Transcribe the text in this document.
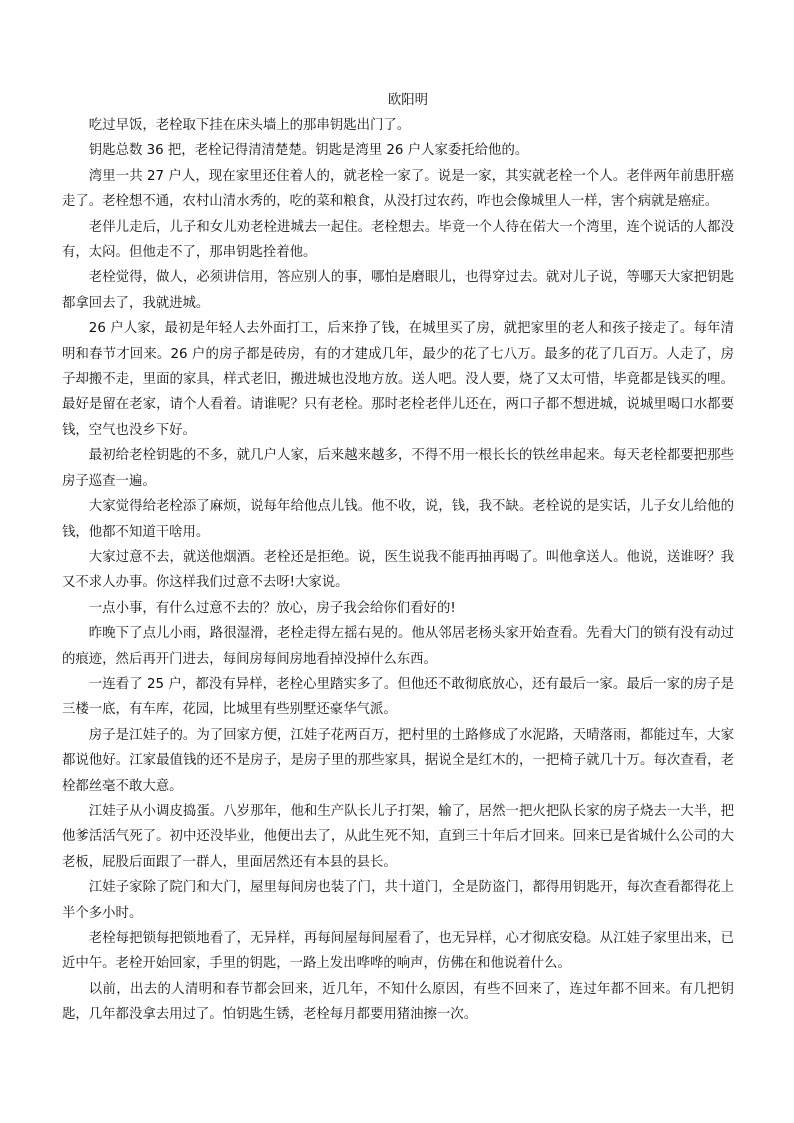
欧阳明

吃过早饭，老栓取下挂在床头墙上的那串钥匙出门了。

钥匙总数 36 把，老栓记得清清楚楚。钥匙是湾里 26 户人家委托给他的。

湾里一共 27 户人，现在家里还住着人的，就老栓一家了。说是一家，其实就老栓一个人。老伴两年前患肝癌走了。老栓想不通，农村山清水秀的，吃的菜和粮食，从没打过农药，咋也会像城里人一样，害个病就是癌症。

老伴儿走后，儿子和女儿劝老栓进城去一起住。老栓想去。毕竟一个人待在偌大一个湾里，连个说话的人都没有，太闷。但他走不了，那串钥匙拴着他。

老栓觉得，做人，必须讲信用，答应别人的事，哪怕是磨眼儿，也得穿过去。就对儿子说，等哪天大家把钥匙都拿回去了，我就进城。

26 户人家，最初是年轻人去外面打工，后来挣了钱，在城里买了房，就把家里的老人和孩子接走了。每年清明和春节才回来。26 户的房子都是砖房，有的才建成几年，最少的花了七八万。最多的花了几百万。人走了，房子却搬不走，里面的家具，样式老旧，搬进城也没地方放。送人吧。没人要，烧了又太可惜，毕竟都是钱买的哩。最好是留在老家，请个人看着。请谁呢？只有老栓。那时老栓老伴儿还在，两口子都不想进城，说城里喝口水都要钱，空气也没乡下好。

最初给老栓钥匙的不多，就几户人家，后来越来越多，不得不用一根长长的铁丝串起来。每天老栓都要把那些房子巡查一遍。

大家觉得给老栓添了麻烦，说每年给他点儿钱。他不收，说，钱，我不缺。老栓说的是实话，儿子女儿给他的钱，他都不知道干啥用。

大家过意不去，就送他烟酒。老栓还是拒绝。说，医生说我不能再抽再喝了。叫他拿送人。他说，送谁呀？我又不求人办事。你这样我们过意不去呀!大家说。

一点小事，有什么过意不去的？放心，房子我会给你们看好的!

昨晚下了点儿小雨，路很湿滑，老栓走得左摇右晃的。他从邻居老杨头家开始查看。先看大门的锁有没有动过的痕迹，然后再开门进去，每间房每间房地看掉没掉什么东西。

一连看了 25 户，都没有异样，老栓心里踏实多了。但他还不敢彻底放心，还有最后一家。最后一家的房子是三楼一底，有车库，花园，比城里有些别墅还豪华气派。

房子是江娃子的。为了回家方便，江娃子花两百万，把村里的土路修成了水泥路，天晴落雨，都能过车，大家都说他好。江家最值钱的还不是房子，是房子里的那些家具，据说全是红木的，一把椅子就几十万。每次查看，老栓都丝毫不敢大意。

江娃子从小调皮捣蛋。八岁那年，他和生产队长儿子打架，输了，居然一把火把队长家的房子烧去一大半，把他爹活活气死了。初中还没毕业，他便出去了，从此生死不知，直到三十年后才回来。回来已是省城什么公司的大老板，屁股后面跟了一群人，里面居然还有本县的县长。

江娃子家除了院门和大门，屋里每间房也装了门，共十道门，全是防盗门，都得用钥匙开，每次查看都得花上半个多小时。

老栓每把锁每把锁地看了，无异样，再每间屋每间屋看了，也无异样，心才彻底安稳。从江娃子家里出来，已近中午。老栓开始回家，手里的钥匙，一路上发出哗哗的响声，仿佛在和他说着什么。

以前，出去的人清明和春节都会回来，近几年，不知什么原因，有些不回来了，连过年都不回来。有几把钥匙，几年都没拿去用过了。怕钥匙生锈，老栓每月都要用猪油擦一次。
